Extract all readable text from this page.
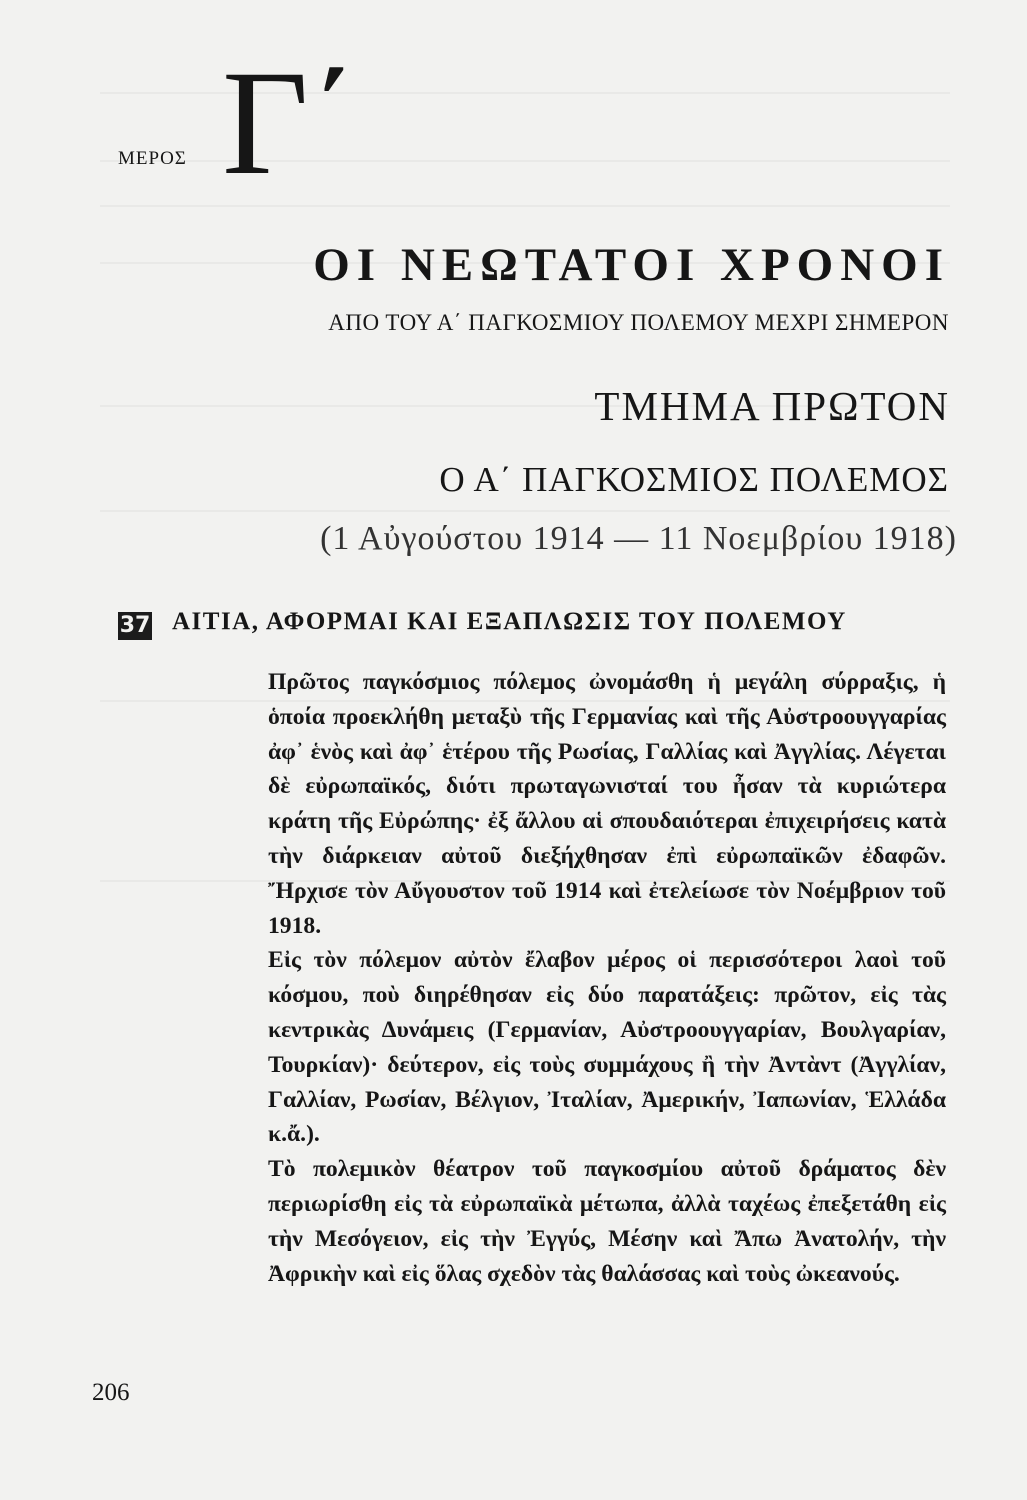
ΜΕΡΟΣ Γ΄
ΟΙ ΝΕΩΤΑΤΟΙ ΧΡΟΝΟΙ
ΑΠΟ ΤΟΥ Α΄ ΠΑΓΚΟΣΜΙΟΥ ΠΟΛΕΜΟΥ ΜΕΧΡΙ ΣΗΜΕΡΟΝ
ΤΜΗΜΑ ΠΡΩΤΟΝ
Ο Α΄ ΠΑΓΚΟΣΜΙΟΣ ΠΟΛΕΜΟΣ
(1 Αὐγούστου 1914 — 11 Νοεμβρίου 1918)
37 ΑΙΤΙΑ, ΑΦΟΡΜΑΙ ΚΑΙ ΕΞΑΠΛΩΣΙΣ ΤΟΥ ΠΟΛΕΜΟΥ

Πρῶτος παγκόσμιος πόλεμος ὠνομάσθη ἡ μεγάλη σύρραξις, ἡ ὁποία προεκλήθη μεταξὺ τῆς Γερμανίας καὶ τῆς Αὐστροουγγαρίας ἀφ᾽ ἑνὸς καὶ ἀφ᾽ ἑτέρου τῆς Ρωσίας, Γαλλίας καὶ Ἀγγλίας. Λέγεται δὲ εὐρωπαϊκός, διότι πρωταγωνισταί του ἦσαν τὰ κυριώτερα κράτη τῆς Εὐρώπης· ἐξ ἄλλου αἱ σπουδαιότεραι ἐπιχειρήσεις κατὰ τὴν διάρκειαν αὐτοῦ διεξήχθησαν ἐπὶ εὐρωπαϊκῶν ἐδαφῶν. Ἤρχισε τὸν Αὔγουστον τοῦ 1914 καὶ ἐτελείωσε τὸν Νοέμβριον τοῦ 1918.

Εἰς τὸν πόλεμον αὐτὸν ἔλαβον μέρος οἱ περισσότεροι λαοὶ τοῦ κόσμου, ποὺ διηρέθησαν εἰς δύο παρατάξεις: πρῶτον, εἰς τὰς κεντρικὰς Δυνάμεις (Γερμανίαν, Αὐστροουγγαρίαν, Βουλγαρίαν, Τουρκίαν)· δεύτερον, εἰς τοὺς συμμάχους ἢ τὴν Ἀντὰντ (Ἀγγλίαν, Γαλλίαν, Ρωσίαν, Βέλγιον, Ἰταλίαν, Ἀμερικήν, Ἰαπωνίαν, Ἑλλάδα κ.ἄ.).

Τὸ πολεμικὸν θέατρον τοῦ παγκοσμίου αὐτοῦ δράματος δὲν περιωρίσθη εἰς τὰ εὐρωπαϊκὰ μέτωπα, ἀλλὰ ταχέως ἐπεξετάθη εἰς τὴν Μεσόγειον, εἰς τὴν Ἐγγύς, Μέσην καὶ Ἄπω Ἀνατολήν, τὴν Ἀφρικὴν καὶ εἰς ὅλας σχεδὸν τὰς θαλάσσας καὶ τοὺς ὠκεανούς.

206
